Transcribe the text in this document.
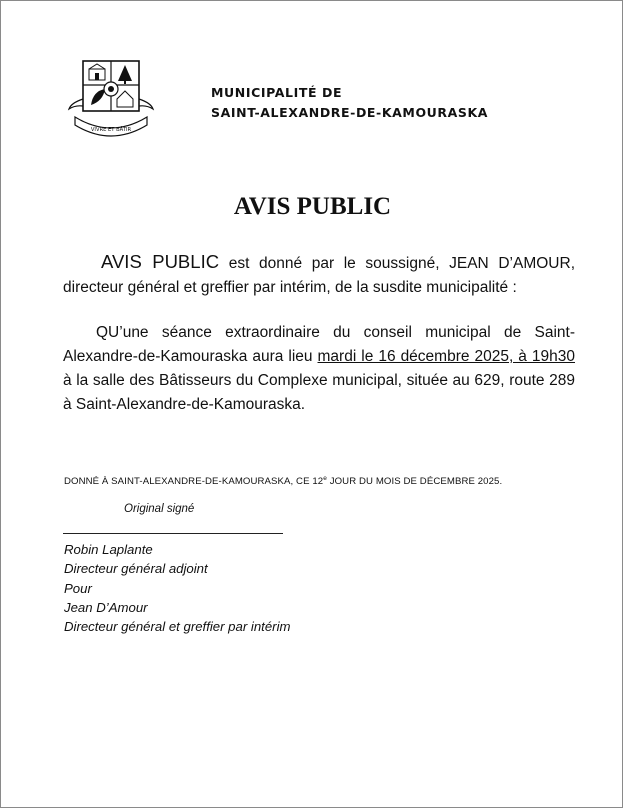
VIVRE ET BÂTIR
MUNICIPALITÉ DE
SAINT-ALEXANDRE-DE-KAMOURASKA
AVIS PUBLIC
AVIS PUBLIC est donné par le soussigné, JEAN D’AMOUR, directeur général et greffier par intérim, de la susdite municipalité :
QU’une séance extraordinaire du conseil municipal de Saint-Alexandre-de-Kamouraska aura lieu mardi le 16 décembre 2025, à 19h30 à la salle des Bâtisseurs du Complexe municipal, située au 629, route 289 à Saint-Alexandre-de-Kamouraska.
DONNÉ À SAINT-ALEXANDRE-DE-KAMOURASKA, CE 12e JOUR DU MOIS DE DÉCEMBRE 2025.
Original signé
Robin Laplante
Directeur général adjoint
Pour
Jean D’Amour
Directeur général et greffier par intérim
